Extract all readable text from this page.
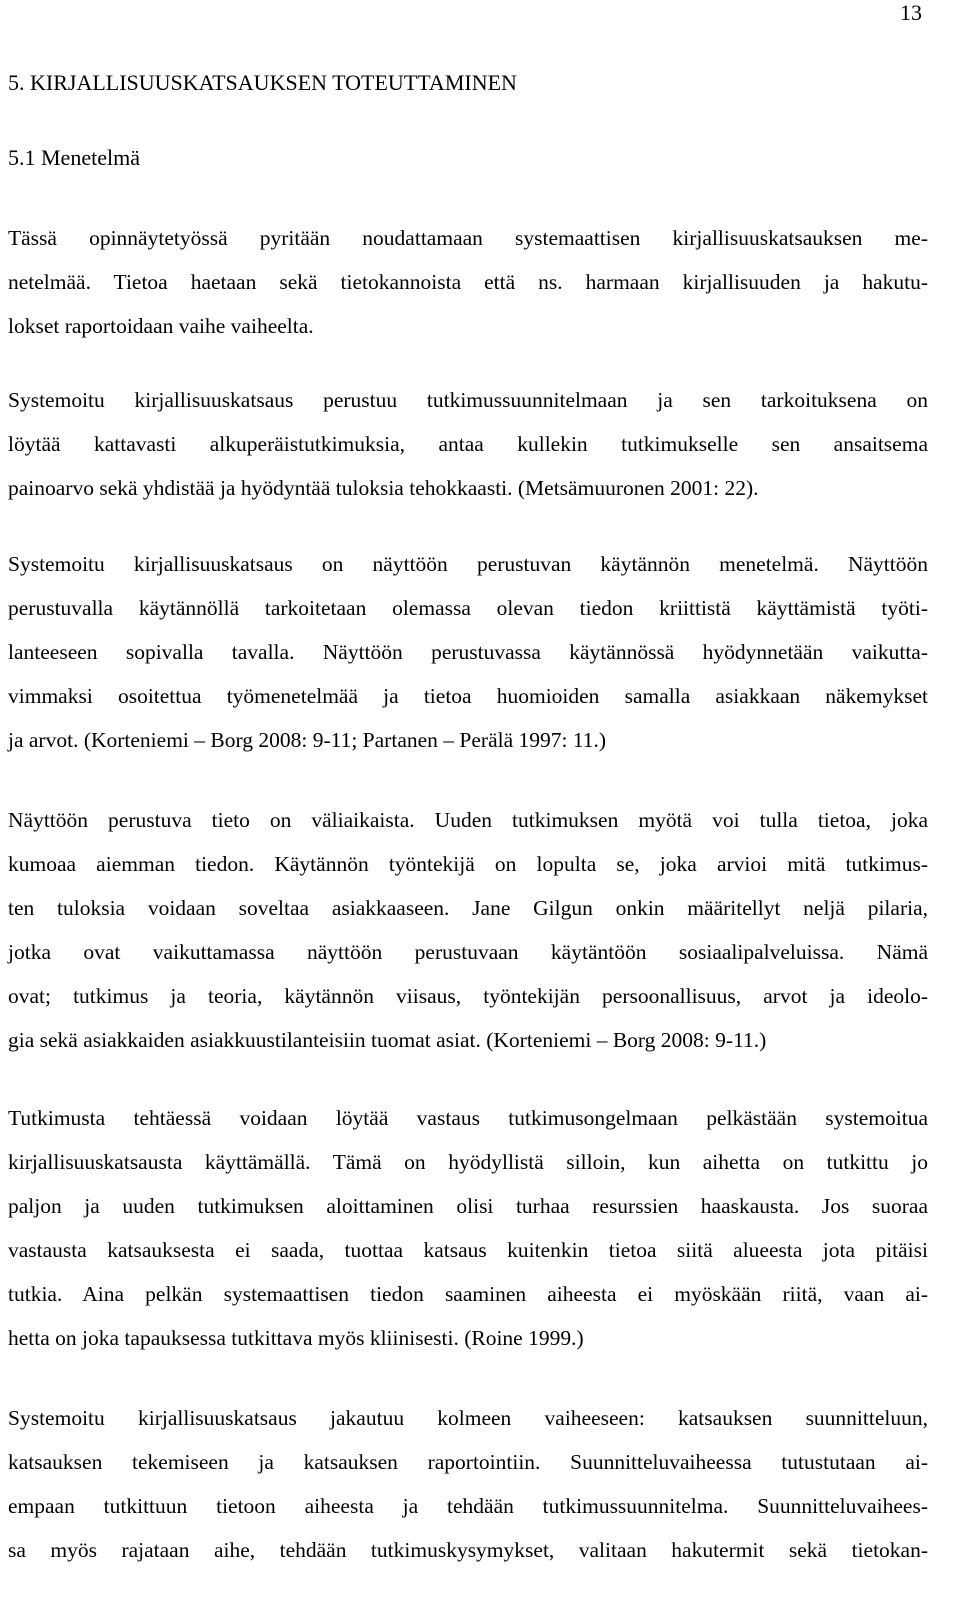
13
5. KIRJALLISUUSKATSAUKSEN TOTEUTTAMINEN
5.1 Menetelmä
Tässä opinnäytetyössä pyritään noudattamaan systemaattisen kirjallisuuskatsauksen me-
netelmää. Tietoa haetaan sekä tietokannoista että ns. harmaan kirjallisuuden ja hakutu-
lokset raportoidaan vaihe vaiheelta.
Systemoitu kirjallisuuskatsaus perustuu tutkimussuunnitelmaan ja sen tarkoituksena on
löytää kattavasti alkuperäistutkimuksia, antaa kullekin tutkimukselle sen ansaitsema
painoarvo sekä yhdistää ja hyödyntää tuloksia tehokkaasti. (Metsämuuronen 2001: 22).
Systemoitu kirjallisuuskatsaus on näyttöön perustuvan käytännön menetelmä. Näyttöön
perustuvalla käytännöllä tarkoitetaan olemassa olevan tiedon kriittistä käyttämistä työti-
lanteeseen sopivalla tavalla. Näyttöön perustuvassa käytännössä hyödynnetään vaikutta-
vimmaksi osoitettua työmenetelmää ja tietoa huomioiden samalla asiakkaan näkemykset
ja arvot. (Korteniemi – Borg 2008: 9-11; Partanen – Perälä 1997: 11.)
Näyttöön perustuva tieto on väliaikaista. Uuden tutkimuksen myötä voi tulla tietoa, joka
kumoaa aiemman tiedon. Käytännön työntekijä on lopulta se, joka arvioi mitä tutkimus-
ten tuloksia voidaan soveltaa asiakkaaseen. Jane Gilgun onkin määritellyt neljä pilaria,
jotka ovat vaikuttamassa näyttöön perustuvaan käytäntöön sosiaalipalveluissa. Nämä
ovat; tutkimus ja teoria, käytännön viisaus, työntekijän persoonallisuus, arvot ja ideolo-
gia sekä asiakkaiden asiakkuustilanteisiin tuomat asiat. (Korteniemi – Borg 2008: 9-11.)
Tutkimusta tehtäessä voidaan löytää vastaus tutkimusongelmaan pelkästään systemoitua
kirjallisuuskatsausta käyttämällä. Tämä on hyödyllistä silloin, kun aihetta on tutkittu jo
paljon ja uuden tutkimuksen aloittaminen olisi turhaa resurssien haaskausta. Jos suoraa
vastausta katsauksesta ei saada, tuottaa katsaus kuitenkin tietoa siitä alueesta jota pitäisi
tutkia. Aina pelkän systemaattisen tiedon saaminen aiheesta ei myöskään riitä, vaan ai-
hetta on joka tapauksessa tutkittava myös kliinisesti. (Roine 1999.)
Systemoitu kirjallisuuskatsaus jakautuu kolmeen vaiheeseen: katsauksen suunnitteluun,
katsauksen tekemiseen ja katsauksen raportointiin. Suunnitteluvaiheessa tutustutaan ai-
empaan tutkittuun tietoon aiheesta ja tehdään tutkimussuunnitelma. Suunnitteluvaihees-
sa myös rajataan aihe, tehdään tutkimuskysymykset, valitaan hakutermit sekä tietokan-
